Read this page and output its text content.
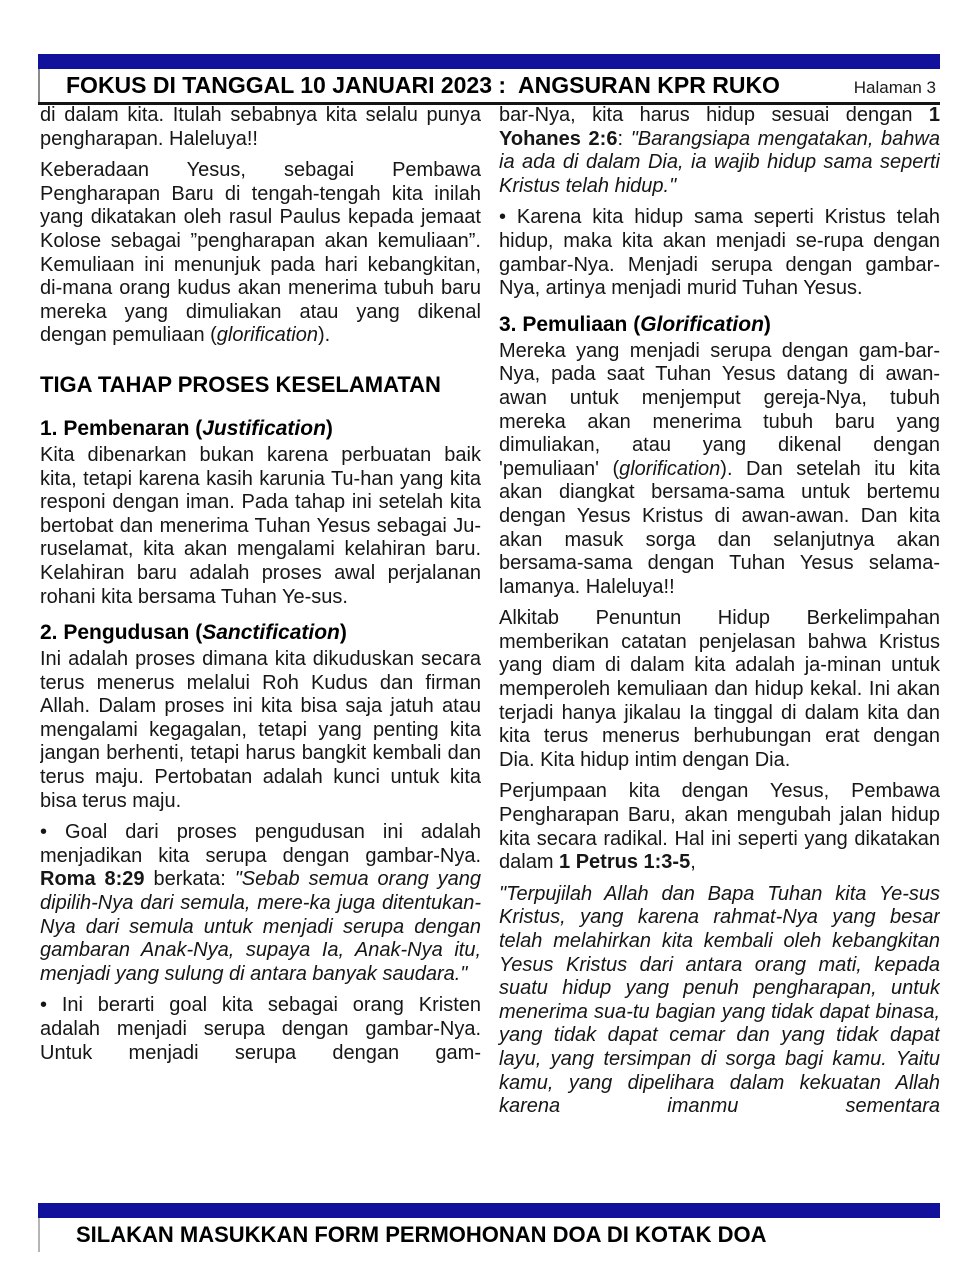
FOKUS DI TANGGAL 10 JANUARI 2023 :  ANGSURAN KPR RUKO	Halaman 3

di dalam kita. Itulah sebabnya kita selalu punya pengharapan. Haleluya!!

Keberadaan Yesus, sebagai Pembawa Pengharapan Baru di tengah-tengah kita inilah yang dikatakan oleh rasul Paulus kepada jemaat Kolose sebagai ”pengharapan akan kemuliaan”. Kemuliaan ini menunjuk pada hari kebangkitan, di-mana orang kudus akan menerima tubuh baru mereka yang dimuliakan atau yang dikenal dengan pemuliaan (glorification).

TIGA TAHAP PROSES KESELAMATAN

1. Pembenaran (Justification)

Kita dibenarkan bukan karena perbuatan baik kita, tetapi karena kasih karunia Tu-han yang kita responi dengan iman. Pada tahap ini setelah kita bertobat dan menerima Tuhan Yesus sebagai Ju-ruselamat, kita akan mengalami kelahiran baru. Kelahiran baru adalah proses awal perjalanan rohani kita bersama Tuhan Ye-sus.

2. Pengudusan (Sanctification)

Ini adalah proses dimana kita dikuduskan secara terus menerus melalui Roh Kudus dan firman Allah. Dalam proses ini kita bisa saja jatuh atau mengalami kegagalan, tetapi yang penting kita jangan berhenti, tetapi harus bangkit kembali dan terus maju. Pertobatan adalah kunci untuk kita bisa terus maju.

• Goal dari proses pengudusan ini adalah menjadikan kita serupa dengan gambar-Nya. Roma 8:29 berkata: "Sebab semua orang yang dipilih-Nya dari semula, mere-ka juga ditentukan-Nya dari semula untuk menjadi serupa dengan gambaran Anak-Nya, supaya Ia, Anak-Nya itu, menjadi yang sulung di antara banyak saudara."

• Ini berarti goal kita sebagai orang Kristen adalah menjadi serupa dengan gambar-Nya. Untuk menjadi serupa dengan gam-

bar-Nya, kita harus hidup sesuai dengan 1 Yohanes 2:6: "Barangsiapa mengatakan, bahwa ia ada di dalam Dia, ia wajib hidup sama seperti Kristus telah hidup."

• Karena kita hidup sama seperti Kristus telah hidup, maka kita akan menjadi se-rupa dengan gambar-Nya. Menjadi serupa dengan gambar-Nya, artinya menjadi murid Tuhan Yesus.

3. Pemuliaan (Glorification)

Mereka yang menjadi serupa dengan gam-bar-Nya, pada saat Tuhan Yesus datang di awan-awan untuk menjemput gereja-Nya, tubuh mereka akan menerima tubuh baru yang dimuliakan, atau yang dikenal dengan 'pemuliaan' (glorification). Dan setelah itu kita akan diangkat bersama-sama untuk bertemu dengan Yesus Kristus di awan-awan. Dan kita akan masuk sorga dan selanjutnya akan bersama-sama dengan Tuhan Yesus selama-lamanya. Haleluya!!

Alkitab Penuntun Hidup Berkelimpahan memberikan catatan penjelasan bahwa Kristus yang diam di dalam kita adalah ja-minan untuk memperoleh kemuliaan dan hidup kekal. Ini akan terjadi hanya jikalau Ia tinggal di dalam kita dan kita terus menerus berhubungan erat dengan Dia. Kita hidup intim dengan Dia.

Perjumpaan kita dengan Yesus, Pembawa Pengharapan Baru, akan mengubah jalan hidup kita secara radikal. Hal ini seperti yang dikatakan dalam 1 Petrus 1:3-5,

"Terpujilah Allah dan Bapa Tuhan kita Ye-sus Kristus, yang karena rahmat-Nya yang besar telah melahirkan kita kembali oleh kebangkitan Yesus Kristus dari antara orang mati, kepada suatu hidup yang penuh pengharapan, untuk menerima sua-tu bagian yang tidak dapat binasa, yang tidak dapat cemar dan yang tidak dapat layu, yang tersimpan di sorga bagi kamu. Yaitu kamu, yang dipelihara dalam kekuatan Allah karena imanmu sementara

SILAKAN MASUKKAN FORM PERMOHONAN DOA DI KOTAK DOA
